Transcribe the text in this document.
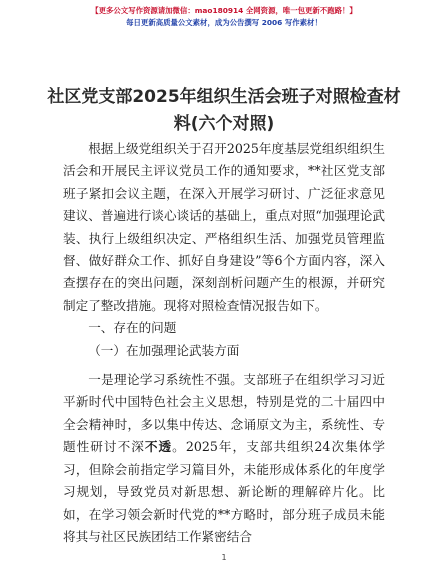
【更多公文写作资源请加微信：mao180914 全网资源，唯一包更新不跑路！】
每日更新高质量公文素材，成为公告撰写 2006 写作素材！
社区党支部2025年组织生活会班子对照检查材料(六个对照)

根据上级党组织关于召开2025年度基层党组织组织生活会和开展民主评议党员工作的通知要求，**社区党支部班子紧扣会议主题，在深入开展学习研讨、广泛征求意见建议、普遍进行谈心谈话的基础上，重点对照“加强理论武装、执行上级组织决定、严格组织生活、加强党员管理监督、做好群众工作、抓好自身建设”等6个方面内容，深入查摆存在的突出问题，深刻剖析问题产生的根源，并研究制定了整改措施。现将对照检查情况报告如下。

一、存在的问题

（一）在加强理论武装方面

一是理论学习系统性不强。支部班子在组织学习习近平新时代中国特色社会主义思想，特别是党的二十届四中全会精神时，多以集中传达、念诵原文为主，系统性、专题性研讨不深不透。2025年，支部共组织24次集体学习，但除会前指定学习篇目外，未能形成体系化的年度学习规划，导致党员对新思想、新论断的理解碎片化。比如，在学习领会新时代党的**方略时，部分班子成员未能将其与社区民族团结工作紧密结合

1
